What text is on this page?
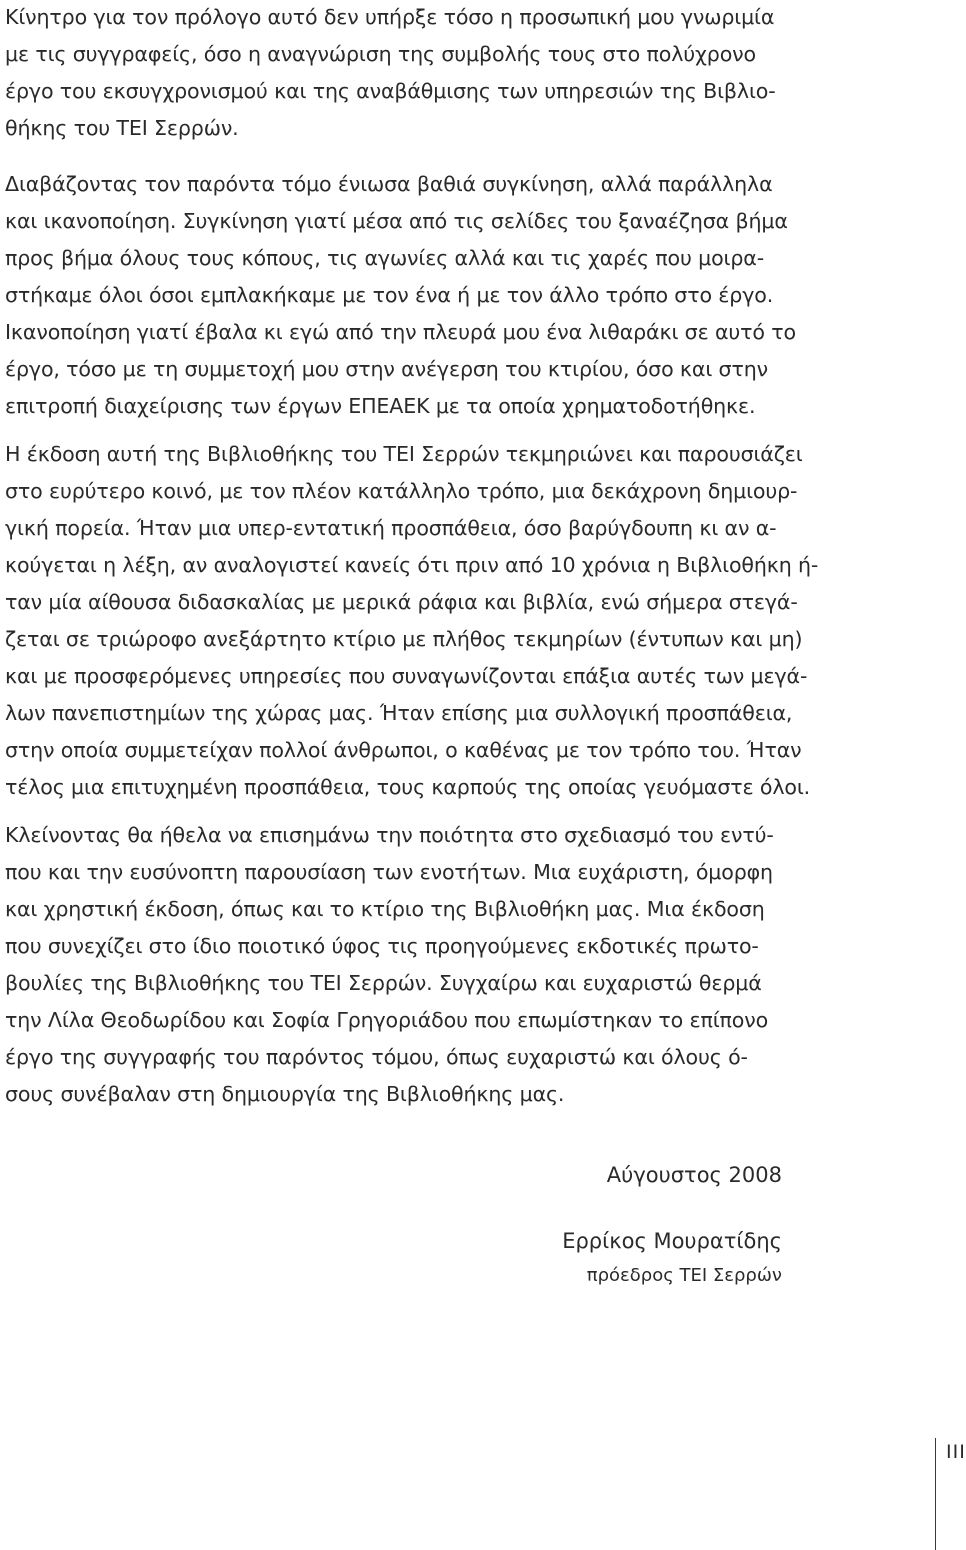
Κίνητρο για τον πρόλογο αυτό δεν υπήρξε τόσο η προσωπική μου γνωριμία
με τις συγγραφείς, όσο η αναγνώριση της συμβολής τους στο πολύχρονο
έργο του εκσυγχρονισμού και της αναβάθμισης των υπηρεσιών της Βιβλιο-
θήκης του ΤΕΙ Σερρών.
Διαβάζοντας τον παρόντα τόμο ένιωσα βαθιά συγκίνηση, αλλά παράλληλα
και ικανοποίηση. Συγκίνηση γιατί μέσα από τις σελίδες του ξαναέζησα βήμα
προς βήμα όλους τους κόπους, τις αγωνίες αλλά και τις χαρές που μοιρα-
στήκαμε όλοι όσοι εμπλακήκαμε με τον ένα ή με τον άλλο τρόπο στο έργο.
Ικανοποίηση γιατί έβαλα κι εγώ από την πλευρά μου ένα λιθαράκι σε αυτό το
έργο, τόσο με τη συμμετοχή μου στην ανέγερση του κτιρίου, όσο και στην
επιτροπή διαχείρισης των έργων ΕΠΕΑΕΚ με τα οποία χρηματοδοτήθηκε.
Η έκδοση αυτή της Βιβλιοθήκης του ΤΕΙ Σερρών τεκμηριώνει και παρουσιάζει
στο ευρύτερο κοινό, με τον πλέον κατάλληλο τρόπο, μια δεκάχρονη δημιουρ-
γική πορεία. Ήταν μια υπερ-εντατική προσπάθεια, όσο βαρύγδουπη κι αν α-
κούγεται η λέξη, αν αναλογιστεί κανείς ότι πριν από 10 χρόνια η Βιβλιοθήκη ή-
ταν μία αίθουσα διδασκαλίας με μερικά ράφια και βιβλία, ενώ σήμερα στεγά-
ζεται σε τριώροφο ανεξάρτητο κτίριο με πλήθος τεκμηρίων (έντυπων και μη)
και με προσφερόμενες υπηρεσίες που συναγωνίζονται επάξια αυτές των μεγά-
λων πανεπιστημίων της χώρας μας. Ήταν επίσης μια συλλογική προσπάθεια,
στην οποία συμμετείχαν πολλοί άνθρωποι, ο καθένας με τον τρόπο του. Ήταν
τέλος μια επιτυχημένη προσπάθεια, τους καρπούς της οποίας γευόμαστε όλοι.
Κλείνοντας θα ήθελα να επισημάνω την ποιότητα στο σχεδιασμό του εντύ-
που και την ευσύνοπτη παρουσίαση των ενοτήτων. Μια ευχάριστη, όμορφη
και χρηστική έκδοση, όπως και το κτίριο της Βιβλιοθήκη μας. Μια έκδοση
που συνεχίζει στο ίδιο ποιοτικό ύφος τις προηγούμενες εκδοτικές πρωτο-
βουλίες της Βιβλιοθήκης του ΤΕΙ Σερρών. Συγχαίρω και ευχαριστώ θερμά
την Λίλα Θεοδωρίδου και Σοφία Γρηγοριάδου που επωμίστηκαν το επίπονο
έργο της συγγραφής του παρόντος τόμου, όπως ευχαριστώ και όλους ό-
σους συνέβαλαν στη δημιουργία της Βιβλιοθήκης μας.
Αύγουστος 2008
Ερρίκος Μουρατίδης
πρόεδρος ΤΕΙ Σερρών
III
